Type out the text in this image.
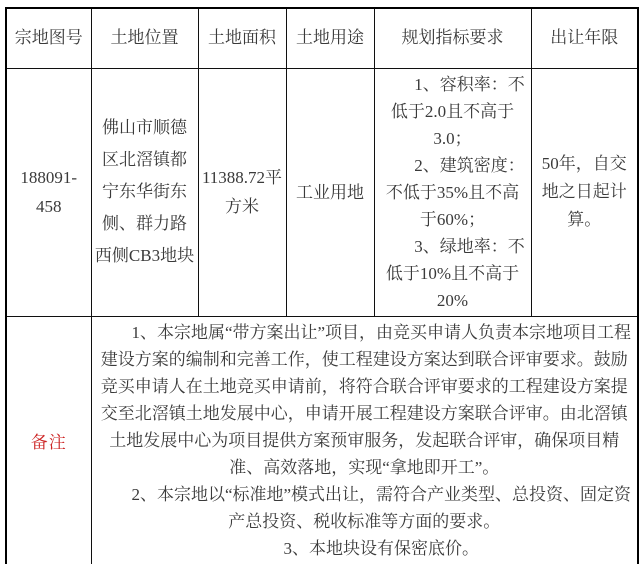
宗地图号	土地位置	土地面积	土地用途	规划指标要求	出让年限
188091-458	佛山市顺德区北滘镇都宁东华街东侧、群力路西侧CB3地块	11388.72平方米	工业用地	1、容积率：不低于2.0且不高于3.0；

2、建筑密度：不低于35%且不高于60%；

3、绿地率：不低于10%且不高于20%	50年，自交地之日起计算。
备注	1、本宗地属“带方案出让”项目，由竞买申请人负责本宗地项目工程建设方案的编制和完善工作，使工程建设方案达到联合评审要求。鼓励竞买申请人在土地竞买申请前，将符合联合评审要求的工程建设方案提交至北滘镇土地发展中心，申请开展工程建设方案联合评审。由北滘镇土地发展中心为项目提供方案预审服务，发起联合评审，确保项目精准、高效落地，实现“拿地即开工”。

2、本宗地以“标准地”模式出让，需符合产业类型、总投资、固定资产总投资、税收标准等方面的要求。

3、本地块设有保密底价。				
